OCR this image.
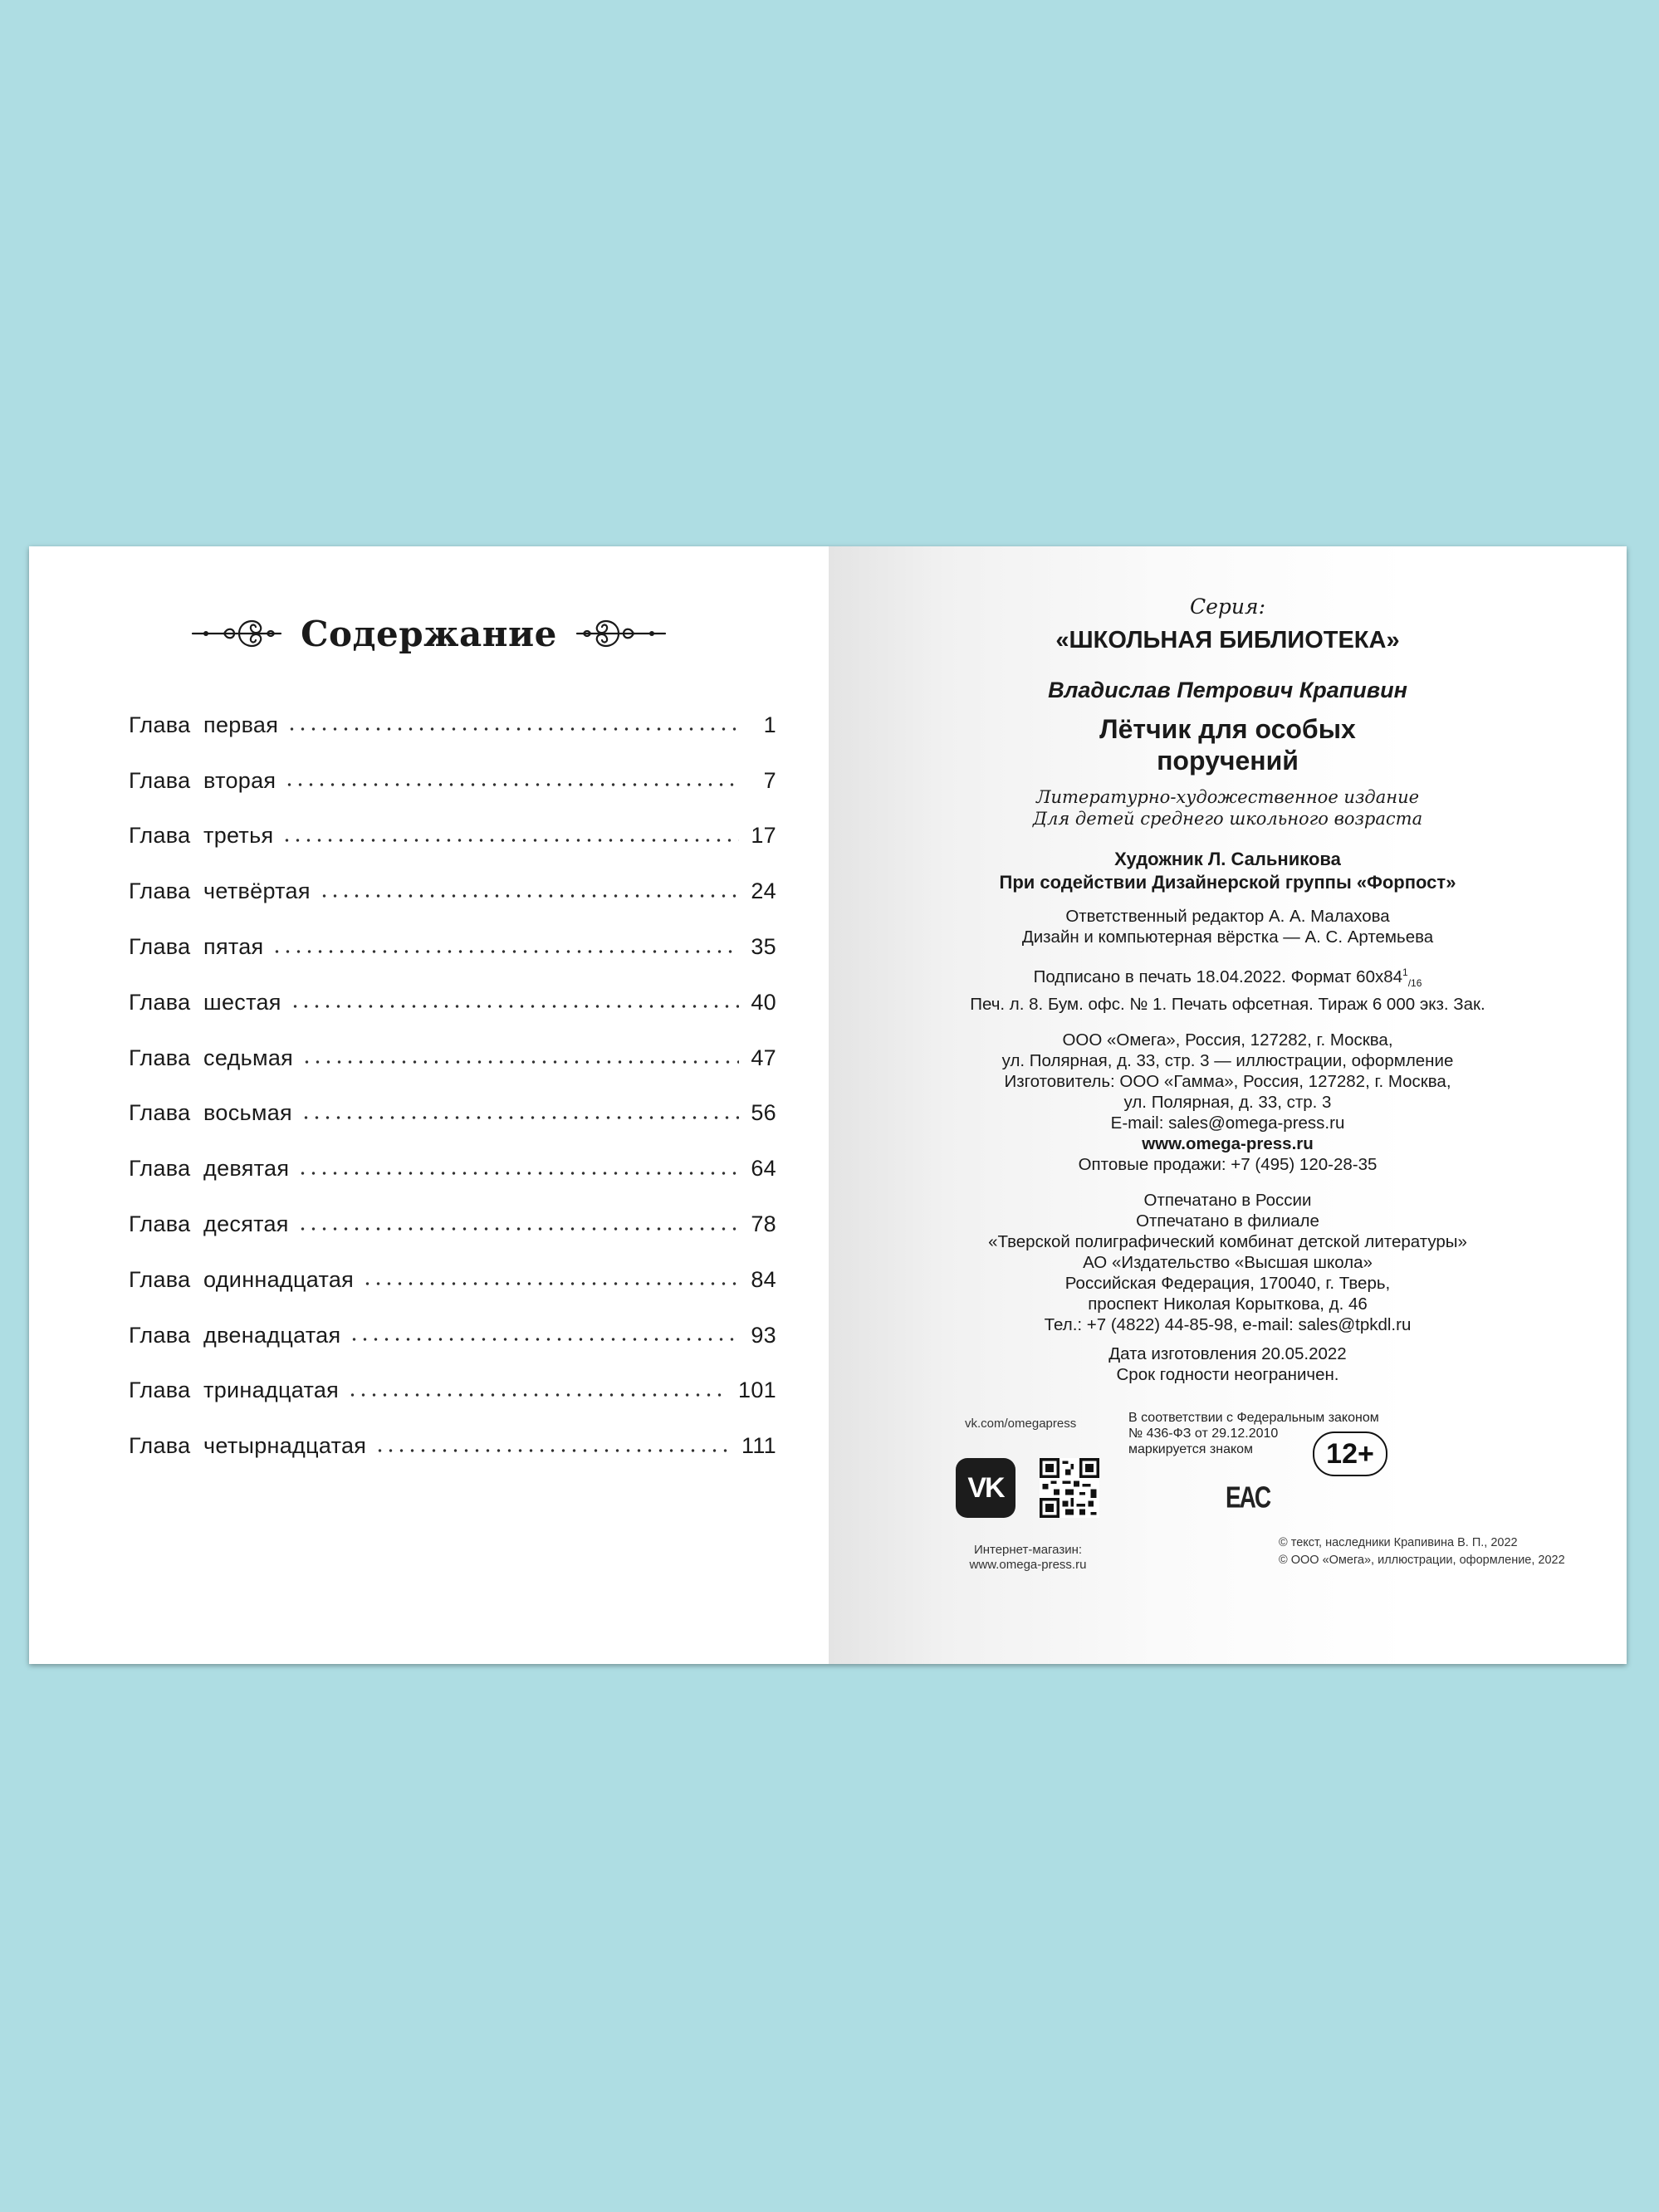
Содержание
Глава  первая	1
Глава  вторая	7
Глава  третья	17
Глава  четвёртая	24
Глава  пятая	35
Глава  шестая	40
Глава  седьмая	47
Глава  восьмая	56
Глава  девятая	64
Глава  десятая	78
Глава  одиннадцатая	84
Глава  двенадцатая	93
Глава  тринадцатая	101
Глава  четырнадцатая	111
Серия:
«ШКОЛЬНАЯ БИБЛИОТЕКА»
Владислав Петрович Крапивин
Лётчик для особых
поручений
Литературно-художественное издание
Для детей среднего школьного возраста
Художник Л. Сальникова
При содействии Дизайнерской группы «Форпост»
Ответственный редактор А. А. Малахова
Дизайн и компьютерная вёрстка — А. С. Артемьева
Подписано в печать 18.04.2022. Формат $60х84^1_{/16}$
Печ. л. 8. Бум. офс. № 1. Печать офсетная. Тираж 6 000 экз. Зак.
ООО «Омега», Россия, 127282, г. Москва,
ул. Полярная, д. 33, стр. 3 — иллюстрации, оформление
Изготовитель: ООО «Гамма», Россия, 127282, г. Москва,
ул. Полярная, д. 33, стр. 3
E-mail: sales@omega-press.ru
www.omega-press.ru
Оптовые продажи: +7 (495) 120-28-35
Отпечатано в России
Отпечатано в филиале
«Тверской полиграфический комбинат детской литературы»
АО «Издательство «Высшая школа»
Российская Федерация, 170040, г. Тверь,
проспект Николая Корыткова, д. 46
Тел.: +7 (4822) 44-85-98, e-mail: sales@tpkdl.ru
Дата изготовления 20.05.2022
Срок годности неограничен.
vk.com/omegapress
VK
Интернет-магазин:
www.omega-press.ru
В соответствии с Федеральным законом
№ 436-ФЗ от 29.12.2010
маркируется знаком	12+
EAC
© текст, наследники Крапивина В. П., 2022
© ООО «Омега», иллюстрации, оформление, 2022
